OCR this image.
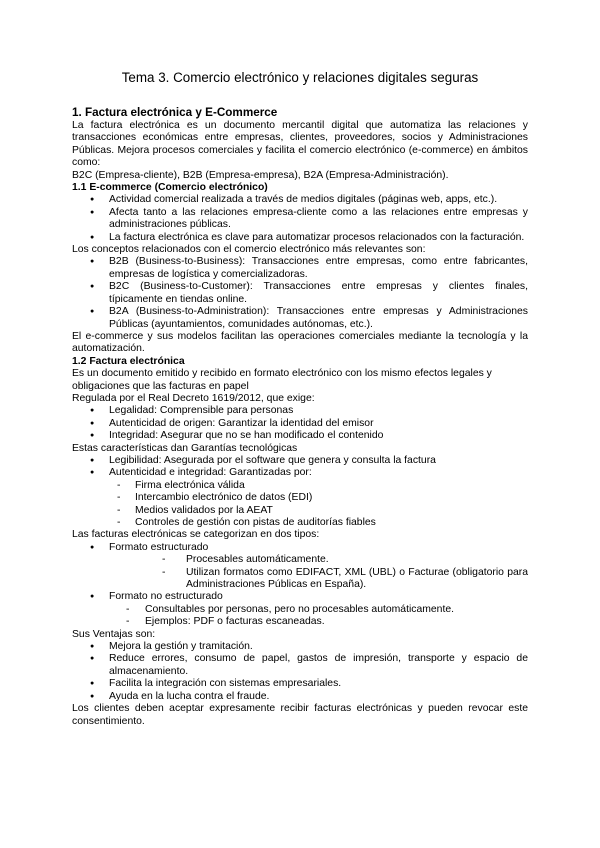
Tema 3. Comercio electrónico y relaciones digitales seguras
1. Factura electrónica y E-Commerce

La factura electrónica es un documento mercantil digital que automatiza las relaciones y transacciones económicas entre empresas, clientes, proveedores, socios y Administraciones Públicas. Mejora procesos comerciales y facilita el comercio electrónico (e-commerce) en ámbitos como:

B2C (Empresa-cliente), B2B (Empresa-empresa), B2A (Empresa-Administración).

1.1 E-commerce (Comercio electrónico)
● Actividad comercial realizada a través de medios digitales (páginas web, apps, etc.).
● Afecta tanto a las relaciones empresa-cliente como a las relaciones entre empresas y administraciones públicas.
● La factura electrónica es clave para automatizar procesos relacionados con la facturación.

Los conceptos relacionados con el comercio electrónico más relevantes son:

● B2B (Business-to-Business): Transacciones entre empresas, como entre fabricantes, empresas de logística y comercializadoras.
● B2C (Business-to-Customer): Transacciones entre empresas y clientes finales, típicamente en tiendas online.
● B2A (Business-to-Administration): Transacciones entre empresas y Administraciones Públicas (ayuntamientos, comunidades autónomas, etc.).

El e-commerce y sus modelos facilitan las operaciones comerciales mediante la tecnología y la automatización.

1.2 Factura electrónica

Es un documento emitido y recibido en formato electrónico con los mismo efectos legales y obligaciones que las facturas en papel

Regulada por el Real Decreto 1619/2012, que exige:

● Legalidad: Comprensible para personas
● Autenticidad de origen: Garantizar la identidad del emisor
● Integridad: Asegurar que no se han modificado el contenido

Estas características dan Garantías tecnológicas

● Legibilidad: Asegurada por el software que genera y consulta la factura
● Autenticidad e integridad: Garantizadas por:
- Firma electrónica válida
- Intercambio electrónico de datos (EDI)
- Medios validados por la AEAT
- Controles de gestión con pistas de auditorías fiables

Las facturas electrónicas se categorizan en dos tipos:

● Formato estructurado
- Procesables automáticamente.
- Utilizan formatos como EDIFACT, XML (UBL) o Facturae (obligatorio para Administraciones Públicas en España).
● Formato no estructurado
- Consultables por personas, pero no procesables automáticamente.
- Ejemplos: PDF o facturas escaneadas.

Sus Ventajas son:

● Mejora la gestión y tramitación.
● Reduce errores, consumo de papel, gastos de impresión, transporte y espacio de almacenamiento.
● Facilita la integración con sistemas empresariales.
● Ayuda en la lucha contra el fraude.

Los clientes deben aceptar expresamente recibir facturas electrónicas y pueden revocar este consentimiento.
